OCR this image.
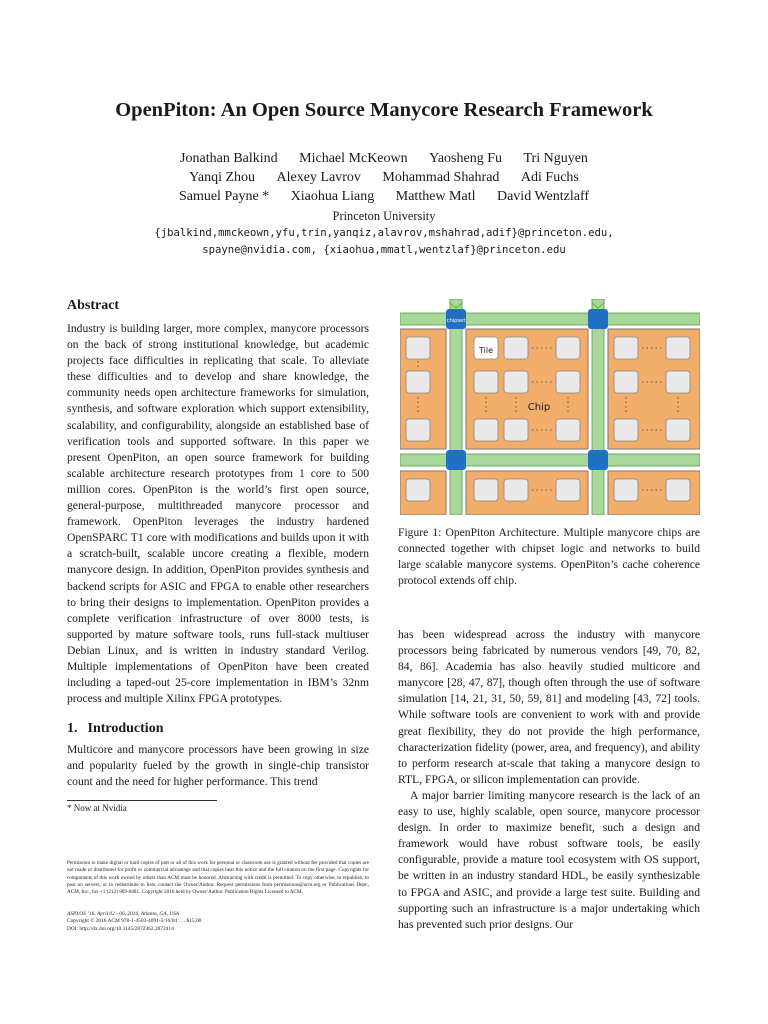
OpenPiton: An Open Source Manycore Research Framework
Jonathan Balkind Michael McKeown Yaosheng Fu Tri Nguyen
Yanqi Zhou Alexey Lavrov Mohammad Shahrad Adi Fuchs
Samuel Payne * Xiaohua Liang Matthew Matl David Wentzlaff
Princeton University
{jbalkind,mmckeown,yfu,trin,yanqiz,alavrov,mshahrad,adif}@princeton.edu,
spayne@nvidia.com, {xiaohua,mmatl,wentzlaf}@princeton.edu
Abstract

Industry is building larger, more complex, manycore processors on the back of strong institutional knowledge, but academic projects face difficulties in replicating that scale. To alleviate these difficulties and to develop and share knowledge, the community needs open architecture frameworks for simulation, synthesis, and software exploration which support extensibility, scalability, and configurability, alongside an established base of verification tools and supported software. In this paper we present OpenPiton, an open source framework for building scalable architecture research prototypes from 1 core to 500 million cores. OpenPiton is the world’s first open source, general-purpose, multithreaded manycore processor and framework. OpenPiton leverages the industry hardened OpenSPARC T1 core with modifications and builds upon it with a scratch-built, scalable uncore creating a flexible, modern manycore design. In addition, OpenPiton provides synthesis and backend scripts for ASIC and FPGA to enable other researchers to bring their designs to implementation. OpenPiton provides a complete verification infrastructure of over 8000 tests, is supported by mature software tools, runs full-stack multiuser Debian Linux, and is written in industry standard Verilog. Multiple implementations of OpenPiton have been created including a taped-out 25-core implementation in IBM’s 32nm process and multiple Xilinx FPGA prototypes.

1. Introduction

Multicore and manycore processors have been growing in size and popularity fueled by the growth in single-chip transistor count and the need for higher performance. This trend

* Now at Nvidia
Permission to make digital or hard copies of part or all of this work for personal or classroom use is granted without fee provided that copies are not made or distributed for profit or commercial advantage and that copies bear this notice and the full citation on the first page. Copyrights for components of this work owned by others than ACM must be honored. Abstracting with credit is permitted. To copy otherwise, to republish, to post on servers, or to redistribute to lists, contact the Owner/Author. Request permissions from permissions@acm.org or Publications Dept., ACM, Inc., fax +1 (212) 869-0481. Copyright 2016 held by Owner/Author. Publication Rights Licensed to ACM.
ASPLOS ’16, April 02 - 06, 2016, Atlanta, GA, USA
Copyright © 2016 ACM 978-1-4503-4091-5/16/04 . . . $15.00
DOI: http://dx.doi.org/10.1145/2872362.2872414
chipset
Tile
Chip
Figure 1: OpenPiton Architecture. Multiple manycore chips are connected together with chipset logic and networks to build large scalable manycore systems. OpenPiton’s cache coherence protocol extends off chip.

has been widespread across the industry with manycore processors being fabricated by numerous vendors [49, 70, 82, 84, 86]. Academia has also heavily studied multicore and manycore [28, 47, 87], though often through the use of software simulation [14, 21, 31, 50, 59, 81] and modeling [43, 72] tools. While software tools are convenient to work with and provide great flexibility, they do not provide the high performance, characterization fidelity (power, area, and frequency), and ability to perform research at-scale that taking a manycore design to RTL, FPGA, or silicon implementation can provide.

A major barrier limiting manycore research is the lack of an easy to use, highly scalable, open source, manycore processor design. In order to maximize benefit, such a design and framework would have robust software tools, be easily configurable, provide a mature tool ecosystem with OS support, be written in an industry standard HDL, be easily synthesizable to FPGA and ASIC, and provide a large test suite. Building and supporting such an infrastructure is a major undertaking which has prevented such prior designs. Our
